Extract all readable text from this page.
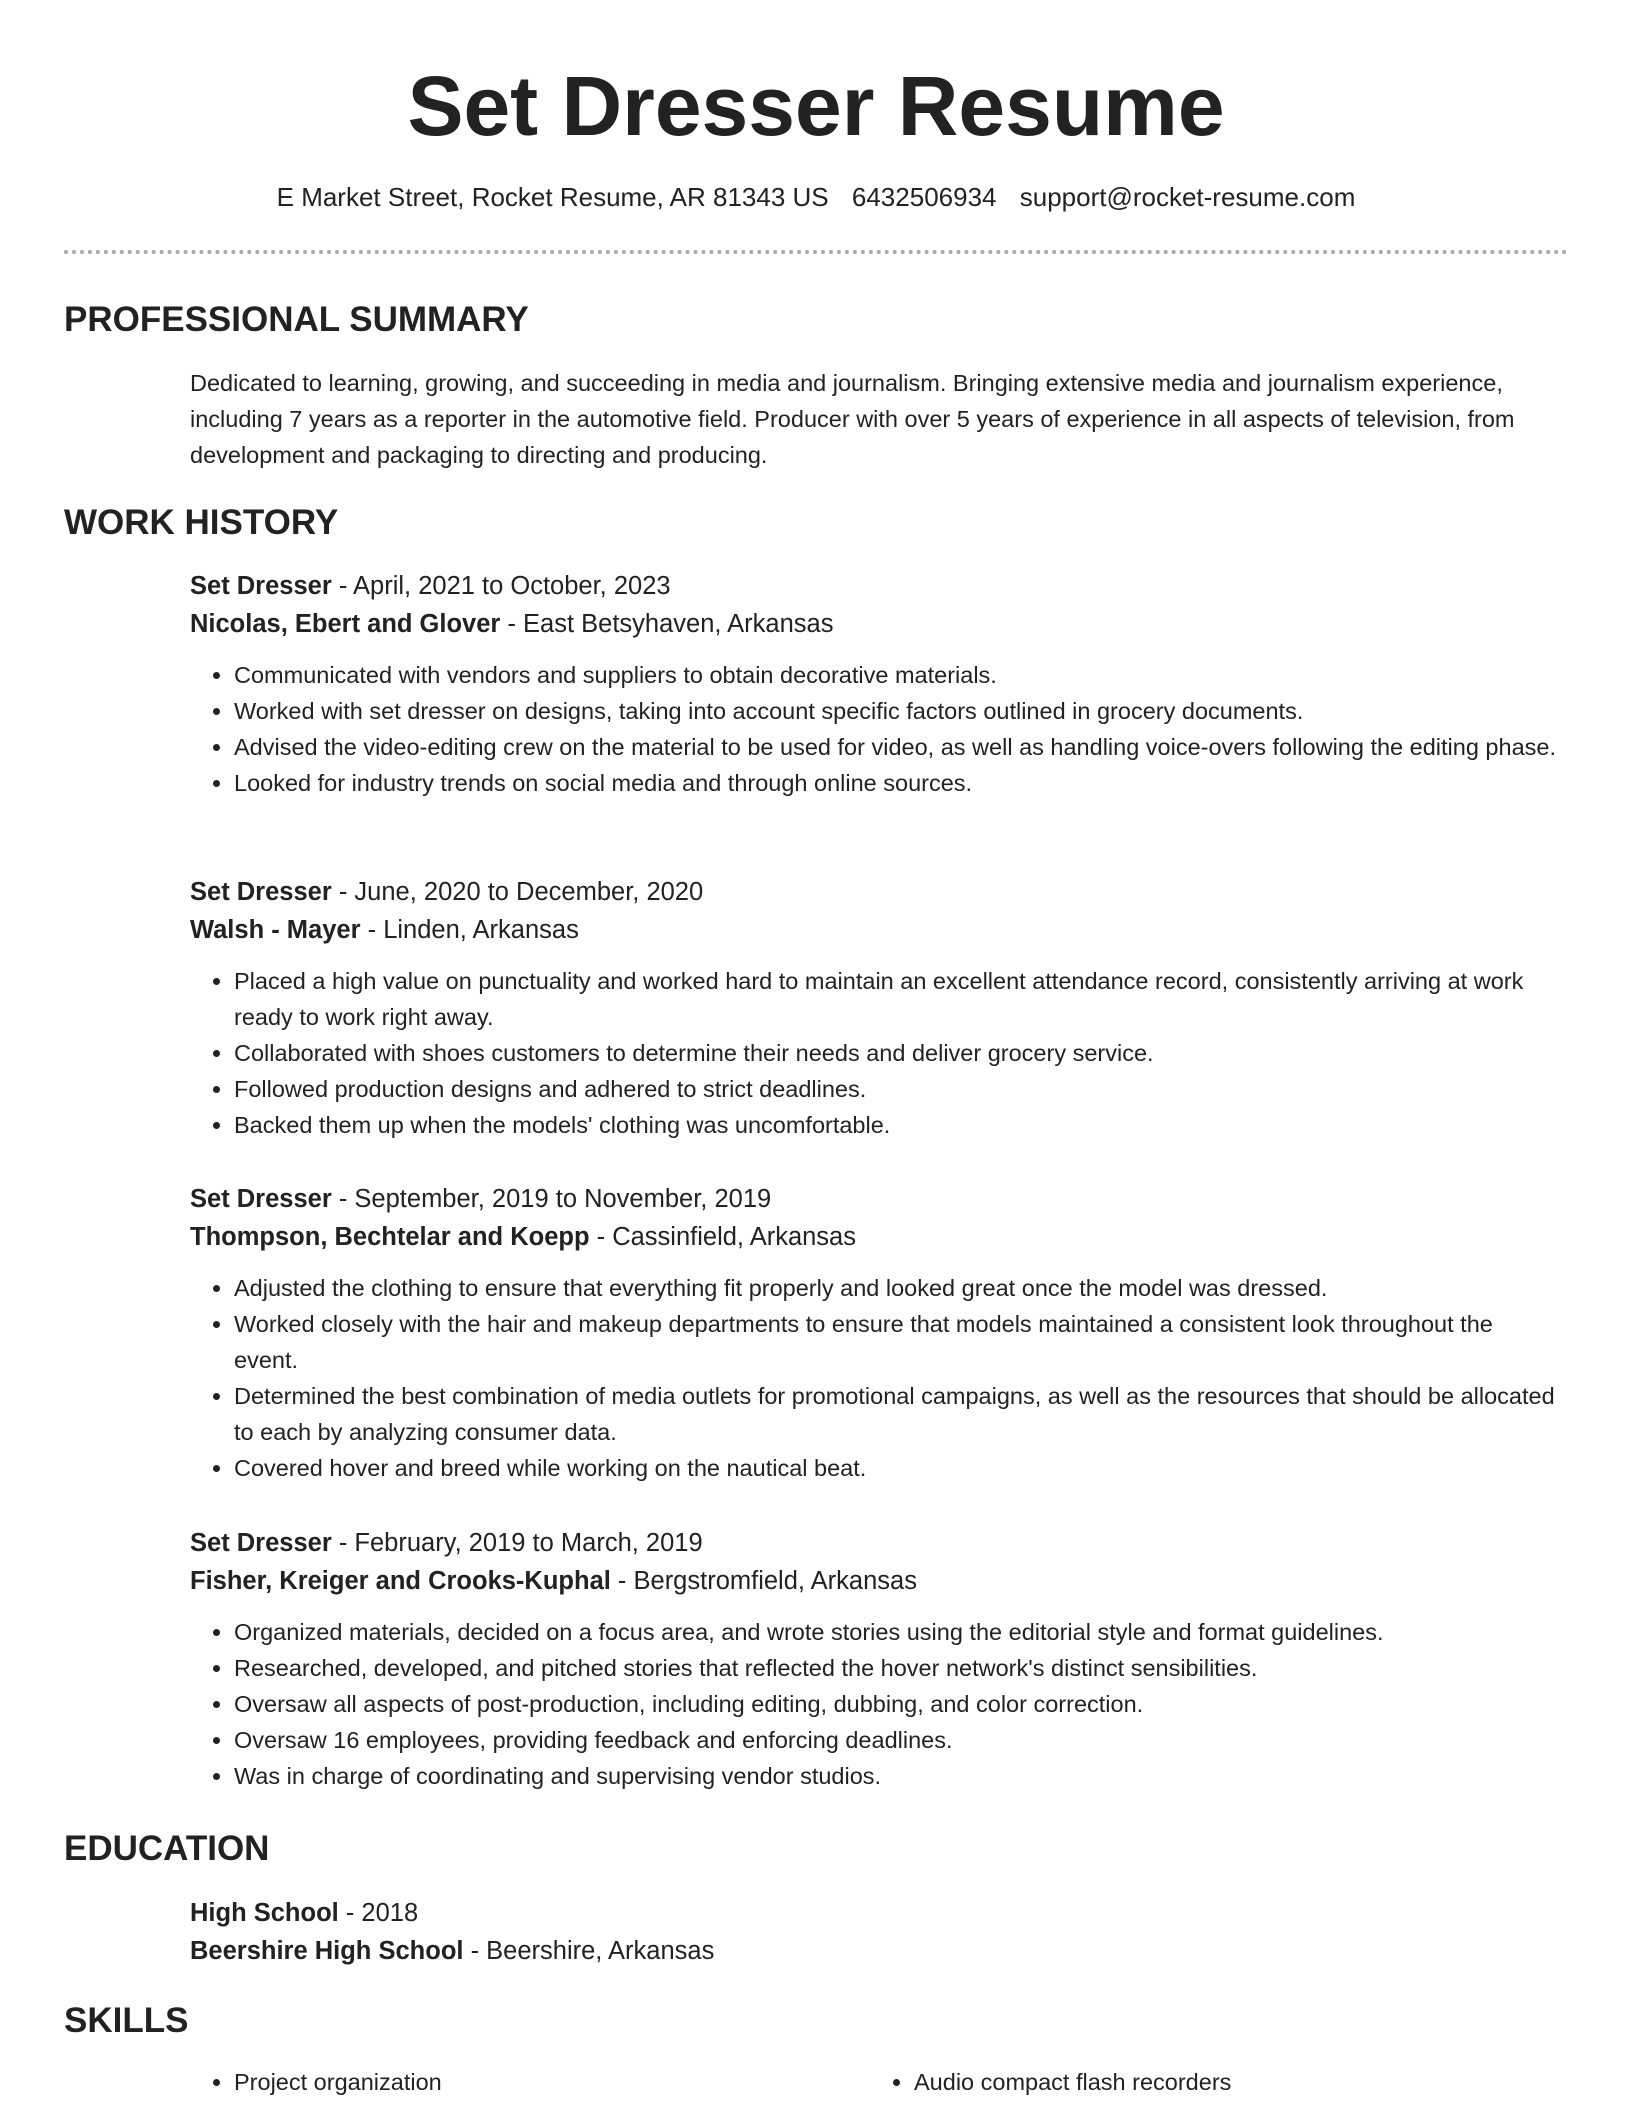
Set Dresser Resume
E Market Street, Rocket Resume, AR 81343 US 6432506934 support@rocket-resume.com
PROFESSIONAL SUMMARY

Dedicated to learning, growing, and succeeding in media and journalism. Bringing extensive media and journalism experience, including 7 years as a reporter in the automotive field. Producer with over 5 years of experience in all aspects of television, from development and packaging to directing and producing.

WORK HISTORY

Set Dresser - April, 2021 to October, 2023

Nicolas, Ebert and Glover - East Betsyhaven, Arkansas

• Communicated with vendors and suppliers to obtain decorative materials.
• Worked with set dresser on designs, taking into account specific factors outlined in grocery documents.
• Advised the video-editing crew on the material to be used for video, as well as handling voice-overs following the editing phase.
• Looked for industry trends on social media and through online sources.

Set Dresser - June, 2020 to December, 2020

Walsh - Mayer - Linden, Arkansas

• Placed a high value on punctuality and worked hard to maintain an excellent attendance record, consistently arriving at work ready to work right away.
• Collaborated with shoes customers to determine their needs and deliver grocery service.
• Followed production designs and adhered to strict deadlines.
• Backed them up when the models' clothing was uncomfortable.

Set Dresser - September, 2019 to November, 2019

Thompson, Bechtelar and Koepp - Cassinfield, Arkansas

• Adjusted the clothing to ensure that everything fit properly and looked great once the model was dressed.
• Worked closely with the hair and makeup departments to ensure that models maintained a consistent look throughout the event.
• Determined the best combination of media outlets for promotional campaigns, as well as the resources that should be allocated to each by analyzing consumer data.
• Covered hover and breed while working on the nautical beat.

Set Dresser - February, 2019 to March, 2019

Fisher, Kreiger and Crooks-Kuphal - Bergstromfield, Arkansas

• Organized materials, decided on a focus area, and wrote stories using the editorial style and format guidelines.
• Researched, developed, and pitched stories that reflected the hover network's distinct sensibilities.
• Oversaw all aspects of post-production, including editing, dubbing, and color correction.
• Oversaw 16 employees, providing feedback and enforcing deadlines.
• Was in charge of coordinating and supervising vendor studios.
EDUCATION

High School - 2018

Beershire High School - Beershire, Arkansas

SKILLS
• Project organization
•	Audio compact flash recorders
